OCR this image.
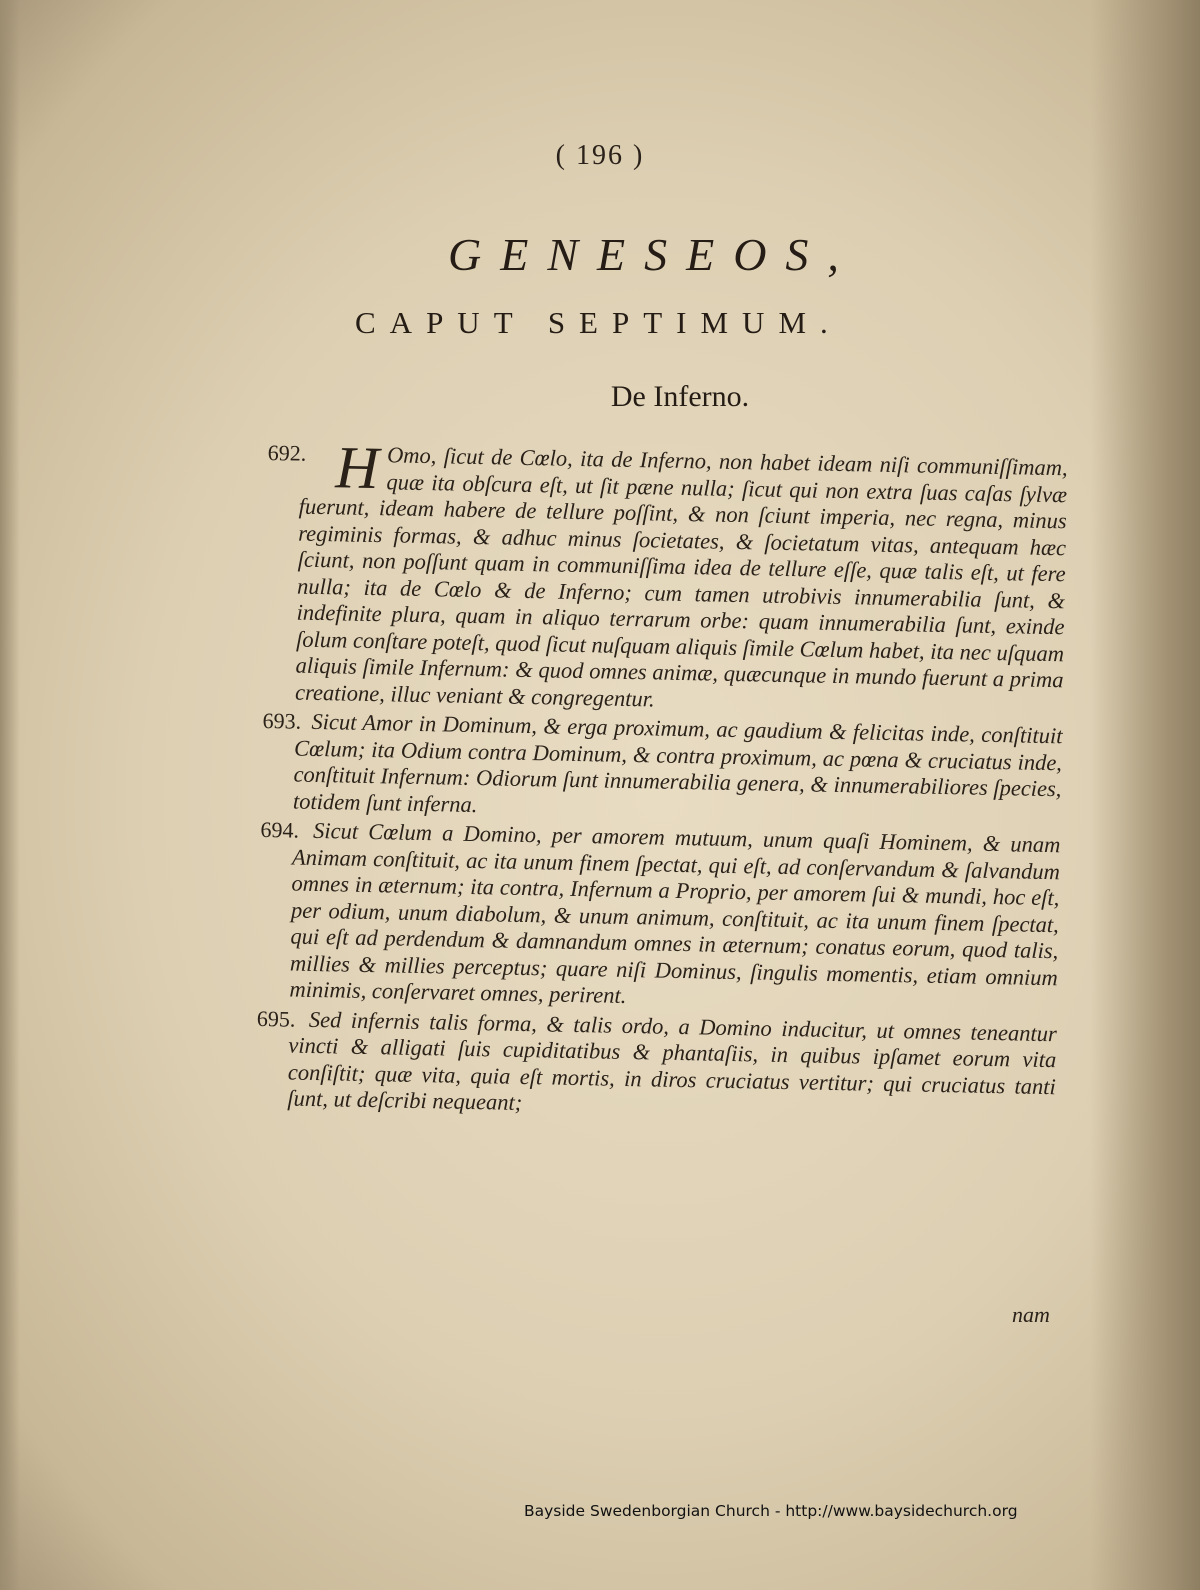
( 196 )
GENESEOS,
CAPUT SEPTIMUM.
De Inferno.

692. H Omo, ſicut de Cœlo, ita de Inferno, non habet ideam niſi communiſſimam, quæ ita obſcura eſt, ut ſit pæne nulla; ſicut qui non extra ſuas caſas ſylvæ fuerunt, ideam habere de tellure poſſint, & non ſciunt imperia, nec regna, minus regiminis formas, & adhuc minus ſocietates, & ſocietatum vitas, antequam hæc ſciunt, non poſſunt quam in communiſſima idea de tellure eſſe, quæ talis eſt, ut fere nulla; ita de Cœlo & de Inferno; cum tamen utrobivis innumerabilia ſunt, & indefinite plura, quam in aliquo terrarum orbe: quam innumerabilia ſunt, exinde ſolum conſtare poteſt, quod ſicut nuſquam aliquis ſimile Cœlum habet, ita nec uſquam aliquis ſimile Infernum: & quod omnes animæ, quæcunque in mundo fuerunt a prima creatione, illuc veniant & congregentur.

693. Sicut Amor in Dominum, & erga proximum, ac gaudium & felicitas inde, conſtituit Cœlum; ita Odium contra Dominum, & contra proximum, ac pœna & cruciatus inde, conſtituit Infernum: Odiorum ſunt innumerabilia genera, & innumerabiliores ſpecies, totidem ſunt inferna.

694. Sicut Cœlum a Domino, per amorem mutuum, unum quaſi Hominem, & unam Animam conſtituit, ac ita unum finem ſpectat, qui eſt, ad conſervandum & ſalvandum omnes in æternum; ita contra, Infernum a Proprio, per amorem ſui & mundi, hoc eſt, per odium, unum diabolum, & unum animum, conſtituit, ac ita unum finem ſpectat, qui eſt ad perdendum & damnandum omnes in æternum; conatus eorum, quod talis, millies & millies perceptus; quare niſi Dominus, ſingulis momentis, etiam omnium minimis, conſervaret omnes, perirent.

695. Sed infernis talis forma, & talis ordo, a Domino inducitur, ut omnes teneantur vincti & alligati ſuis cupiditatibus & phantaſiis, in quibus ipſamet eorum vita conſiſtit; quæ vita, quia eſt mortis, in diros cruciatus vertitur; qui cruciatus tanti ſunt, ut deſcribi nequeant;

nam
Bayside Swedenborgian Church - http://www.baysidechurch.org
